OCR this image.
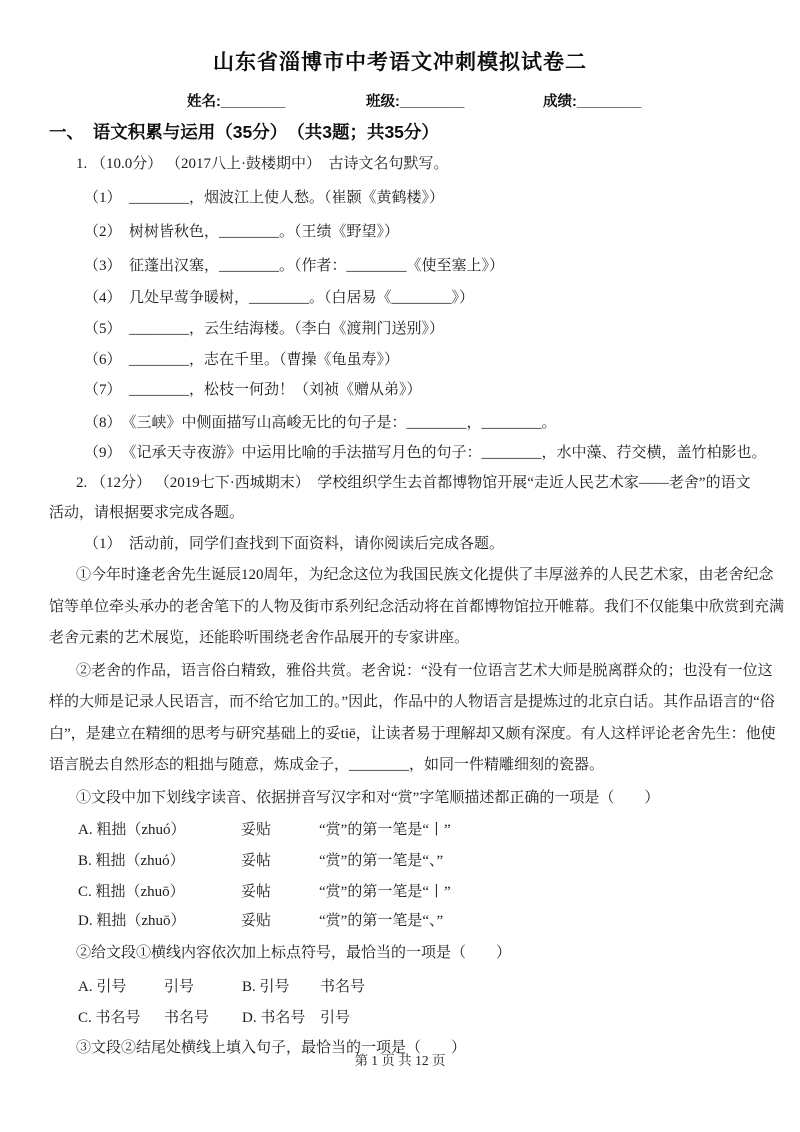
山东省淄博市中考语文冲刺模拟试卷二
姓名:________	班级:________	成绩:________
一、　语文积累与运用（35分）　（共3题；共35分）
1. （10.0分） （2017八上·鼓楼期中）　古诗文名句默写。
（1）　________，烟波江上使人愁。（崔颢《黄鹤楼》）
（2）　树树皆秋色，________。（王绩《野望》）
（3）　征蓬出汉塞，________。（作者：________《使至塞上》）
（4）　几处早莺争暖树，________。（白居易《________》）
（5）　________，云生结海楼。（李白《渡荆门送别》）
（6）　________，志在千里。（曹操《龟虽寿》）
（7）　________，松枝一何劲！（刘祯《赠从弟》）
（8）　《三峡》中侧面描写山高峻无比的句子是：________，________。
（9）　《记承天寺夜游》中运用比喻的手法描写月色的句子：________，水中藻、荇交横，盖竹柏影也。
2. （12分） （2019七下·西城期末）　学校组织学生去首都博物馆开展“走近人民艺术家——老舍”的语文
活动，请根据要求完成各题。
（1）　活动前，同学们查找到下面资料，请你阅读后完成各题。
①今年时逢老舍先生诞辰120周年，为纪念这位为我国民族文化提供了丰厚滋养的人民艺术家，由老舍纪念
馆等单位牵头承办的老舍笔下的人物及街市系列纪念活动将在首都博物馆拉开帷幕。我们不仅能集中欣赏到充满
老舍元素的艺术展览，还能聆听围绕老舍作品展开的专家讲座。
②老舍的作品，语言俗白精致，雅俗共赏。老舍说：“没有一位语言艺术大师是脱离群众的；也没有一位这
样的大师是记录人民语言，而不给它加工的。”因此，作品中的人物语言是提炼过的北京白话。其作品语言的“俗
白”，是建立在精细的思考与研究基础上的妥tiē，让读者易于理解却又颇有深度。有人这样评论老舍先生：他使
语言脱去自然形态的粗拙与随意，炼成金子，________，如同一件精雕细刻的瓷器。
①文段中加下划线字读音、依据拼音写汉字和对“赏”字笔顺描述都正确的一项是（　　）
A. 粗拙（zhuó）	妥贴	“赏”的第一笔是“丨”
B. 粗拙（zhuó）	妥帖	“赏”的第一笔是“、”
C. 粗拙（zhuō）	妥帖	“赏”的第一笔是“丨”
D. 粗拙（zhuō）	妥贴	“赏”的第一笔是“、”
②给文段①横线内容依次加上标点符号，最恰当的一项是（　　）
A. 引号	引号	B. 引号 书名号
C. 书名号 书名号 D. 书名号 引号
③文段②结尾处横线上填入句子，最恰当的一项是（　　）
第 1 页 共 12 页
